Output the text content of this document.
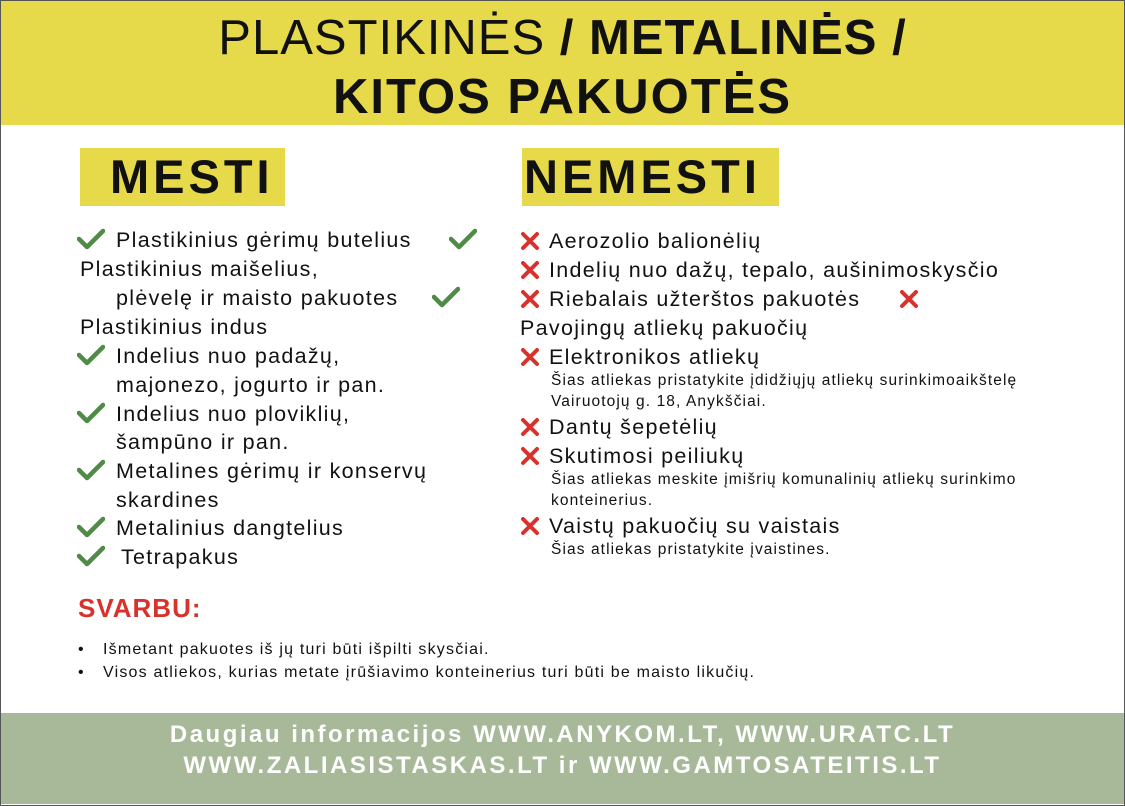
PLASTIKINĖS / METALINĖS /
KITOS PAKUOTĖS
MESTI	NEMESTI
Plastikinius gėrimų butelius
Plastikinius maišelius,
plėvelę ir maisto pakuotes
Plastikinius indus
Indelius nuo padažų,
majonezo, jogurto ir pan.
Indelius nuo ploviklių,
šampūno ir pan.
Metalines gėrimų ir konservų
skardines
Metalinius dangtelius
Tetrapakus
Aerozolio balionėlių
Indelių nuo dažų, tepalo, aušinimoskysčio
Riebalais užterštos pakuotės
Pavojingų atliekų pakuočių
Elektronikos atliekų
Šias atliekas pristatykite įdidžiųjų atliekų surinkimoaikštelę
Vairuotojų g. 18, Anykščiai.
Dantų šepetėlių
Skutimosi peiliukų
Šias atliekas meskite įmišrių komunalinių atliekų surinkimo
konteinerius.
Vaistų pakuočių su vaistais
Šias atliekas pristatykite įvaistines.
SVARBU:
• Išmetant pakuotes iš jų turi būti išpilti skysčiai.
• Visos atliekos, kurias metate įrūšiavimo konteinerius turi būti be maisto likučių.
Daugiau informacijos WWW.ANYKOM.LT, WWW.URATC.LT
WWW.ZALIASISTASKAS.LT ir WWW.GAMTOSATEITIS.LT
